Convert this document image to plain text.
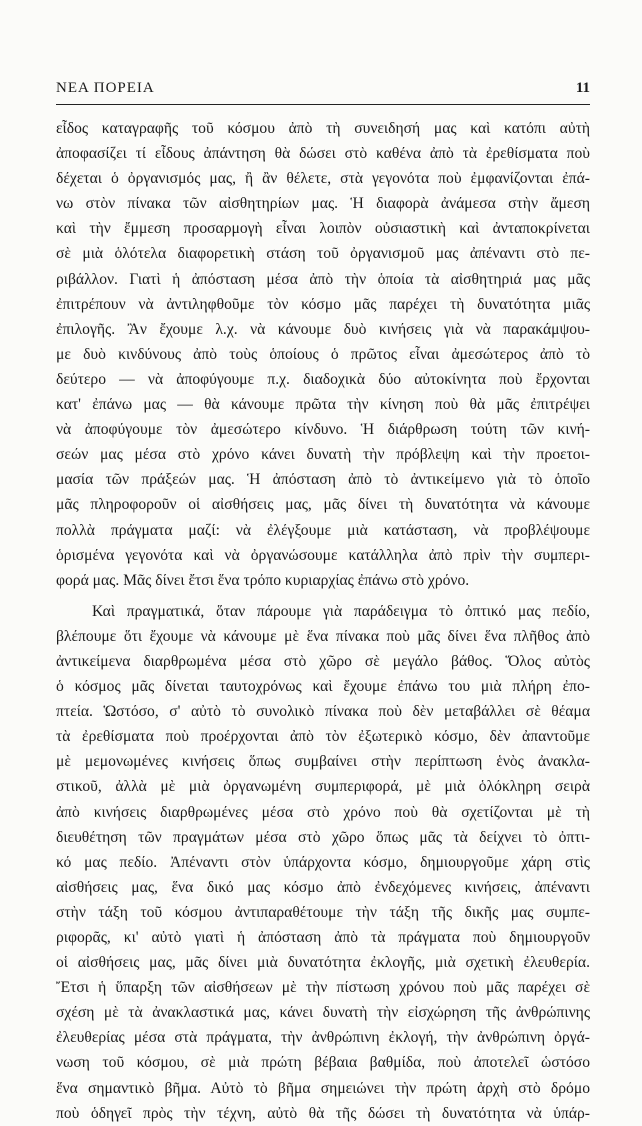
ΝΕΑ ΠΟΡΕΙΑ	11
εἶδος καταγραφῆς τοῦ κόσμου ἀπὸ τὴ συνειδησή μας καὶ κατόπι αὐτὴ
ἀποφασίζει τί εἶδους ἀπάντηση θὰ δώσει στὸ καθένα ἀπὸ τὰ ἐρεθίσματα ποὺ
δέχεται ὁ ὀργανισμός μας, ἢ ἂν θέλετε, στὰ γεγονότα ποὺ ἐμφανίζονται ἐπά-
νω στὸν πίνακα τῶν αἰσθητηρίων μας. Ἡ διαφορὰ ἀνάμεσα στὴν ἄμεση
καὶ τὴν ἔμμεση προσαρμογὴ εἶναι λοιπὸν οὐσιαστικὴ καὶ ἀνταποκρίνεται
σὲ μιὰ ὁλότελα διαφορετικὴ στάση τοῦ ὀργανισμοῦ μας ἀπέναντι στὸ πε-
ριβάλλον. Γιατὶ ἡ ἀπόσταση μέσα ἀπὸ τὴν ὁποία τὰ αἰσθητηριά μας μᾶς
ἐπιτρέπουν νὰ ἀντιληφθοῦμε τὸν κόσμο μᾶς παρέχει τὴ δυνατότητα μιᾶς
ἐπιλογῆς. Ἂν ἔχουμε λ.χ. νὰ κάνουμε δυὸ κινήσεις γιὰ νὰ παρακάμψου-
με δυὸ κινδύνους ἀπὸ τοὺς ὁποίους ὁ πρῶτος εἶναι ἀμεσώτερος ἀπὸ τὸ
δεύτερο — νὰ ἀποφύγουμε π.χ. διαδοχικὰ δύο αὐτοκίνητα ποὺ ἔρχονται
κατ' ἐπάνω μας — θὰ κάνουμε πρῶτα τὴν κίνηση ποὺ θὰ μᾶς ἐπιτρέψει
νὰ ἀποφύγουμε τὸν ἀμεσώτερο κίνδυνο. Ἡ διάρθρωση τούτη τῶν κινή-
σεών μας μέσα στὸ χρόνο κάνει δυνατὴ τὴν πρόβλεψη καὶ τὴν προετοι-
μασία τῶν πράξεών μας. Ἡ ἀπόσταση ἀπὸ τὸ ἀντικείμενο γιὰ τὸ ὁποῖο
μᾶς πληροφοροῦν οἱ αἰσθήσεις μας, μᾶς δίνει τὴ δυνατότητα νὰ κάνουμε
πολλὰ πράγματα μαζί: νὰ ἐλέγξουμε μιὰ κατάσταση, νὰ προβλέψουμε
ὁρισμένα γεγονότα καὶ νὰ ὀργανώσουμε κατάλληλα ἀπὸ πρὶν τὴν συμπερι-
φορά μας. Μᾶς δίνει ἔτσι ἕνα τρόπο κυριαρχίας ἐπάνω στὸ χρόνο.
Καὶ πραγματικά, ὅταν πάρουμε γιὰ παράδειγμα τὸ ὀπτικό μας πεδίο,
βλέπουμε ὅτι ἔχουμε νὰ κάνουμε μὲ ἕνα πίνακα ποὺ μᾶς δίνει ἕνα πλῆθος ἀπὸ
ἀντικείμενα διαρθρωμένα μέσα στὸ χῶρο σὲ μεγάλο βάθος. Ὅλος αὐτὸς
ὁ κόσμος μᾶς δίνεται ταυτοχρόνως καὶ ἔχουμε ἐπάνω του μιὰ πλήρη ἐπο-
πτεία. Ὡστόσο, σ' αὐτὸ τὸ συνολικὸ πίνακα ποὺ δὲν μεταβάλλει σὲ θέαμα
τὰ ἐρεθίσματα ποὺ προέρχονται ἀπὸ τὸν ἐξωτερικὸ κόσμο, δὲν ἀπαντοῦμε
μὲ μεμονωμένες κινήσεις ὅπως συμβαίνει στὴν περίπτωση ἑνὸς ἀνακλα-
στικοῦ, ἀλλὰ μὲ μιὰ ὀργανωμένη συμπεριφορά, μὲ μιὰ ὁλόκληρη σειρὰ
ἀπὸ κινήσεις διαρθρωμένες μέσα στὸ χρόνο ποὺ θὰ σχετίζονται μὲ τὴ
διευθέτηση τῶν πραγμάτων μέσα στὸ χῶρο ὅπως μᾶς τὰ δείχνει τὸ ὀπτι-
κό μας πεδίο. Ἀπέναντι στὸν ὑπάρχοντα κόσμο, δημιουργοῦμε χάρη στὶς
αἰσθήσεις μας, ἕνα δικό μας κόσμο ἀπὸ ἐνδεχόμενες κινήσεις, ἀπέναντι
στὴν τάξη τοῦ κόσμου ἀντιπαραθέτουμε τὴν τάξη τῆς δικῆς μας συμπε-
ριφορᾶς, κι' αὐτὸ γιατὶ ἡ ἀπόσταση ἀπὸ τὰ πράγματα ποὺ δημιουργοῦν
οἱ αἰσθήσεις μας, μᾶς δίνει μιὰ δυνατότητα ἐκλογῆς, μιὰ σχετικὴ ἐλευθερία.
Ἔτσι ἡ ὕπαρξη τῶν αἰσθήσεων μὲ τὴν πίστωση χρόνου ποὺ μᾶς παρέχει σὲ
σχέση μὲ τὰ ἀνακλαστικά μας, κάνει δυνατὴ τὴν εἰσχώρηση τῆς ἀνθρώπινης
ἐλευθερίας μέσα στὰ πράγματα, τὴν ἀνθρώπινη ἐκλογή, τὴν ἀνθρώπινη ὀργά-
νωση τοῦ κόσμου, σὲ μιὰ πρώτη βέβαια βαθμίδα, ποὺ ἀποτελεῖ ὡστόσο
ἕνα σημαντικὸ βῆμα. Αὐτὸ τὸ βῆμα σημειώνει τὴν πρώτη ἀρχὴ στὸ δρόμο
ποὺ ὁδηγεῖ πρὸς τὴν τέχνη, αὐτὸ θὰ τῆς δώσει τὴ δυνατότητα νὰ ὑπάρ-
